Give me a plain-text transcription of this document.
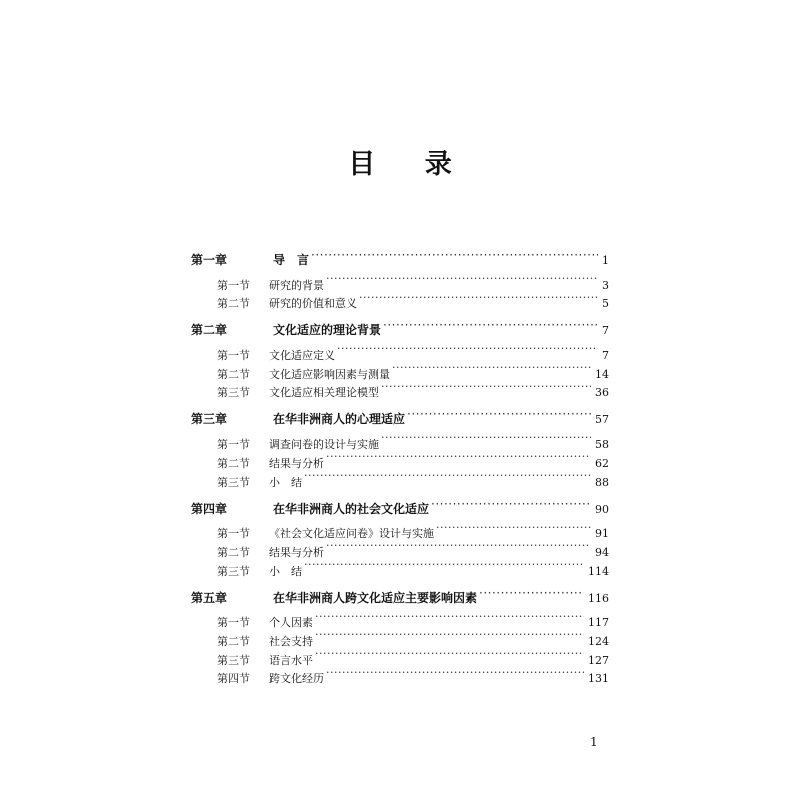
目 录
第一章	导　言 ·····	1
第一节	研究的背景 ·····	3
第二节	研究的价值和意义 ·····	5
第二章	文化适应的理论背景 ·····	7
第一节	文化适应定义 ·····	7
第二节	文化适应影响因素与测量 ·····	14
第三节	文化适应相关理论模型 ·····	36
第三章	在华非洲商人的心理适应 ·····	57
第一节	调查问卷的设计与实施 ·····	58
第二节	结果与分析 ·····	62
第三节	小　结 ·····	88
第四章	在华非洲商人的社会文化适应 ·····	90
第一节	《社会文化适应问卷》设计与实施 ·····	91
第二节	结果与分析 ·····	94
第三节	小　结 ·····	114
第五章	在华非洲商人跨文化适应主要影响因素 ·····	116
第一节	个人因素 ·····	117
第二节	社会支持 ·····	124
第三节	语言水平 ·····	127
第四节	跨文化经历 ·····	131
1
